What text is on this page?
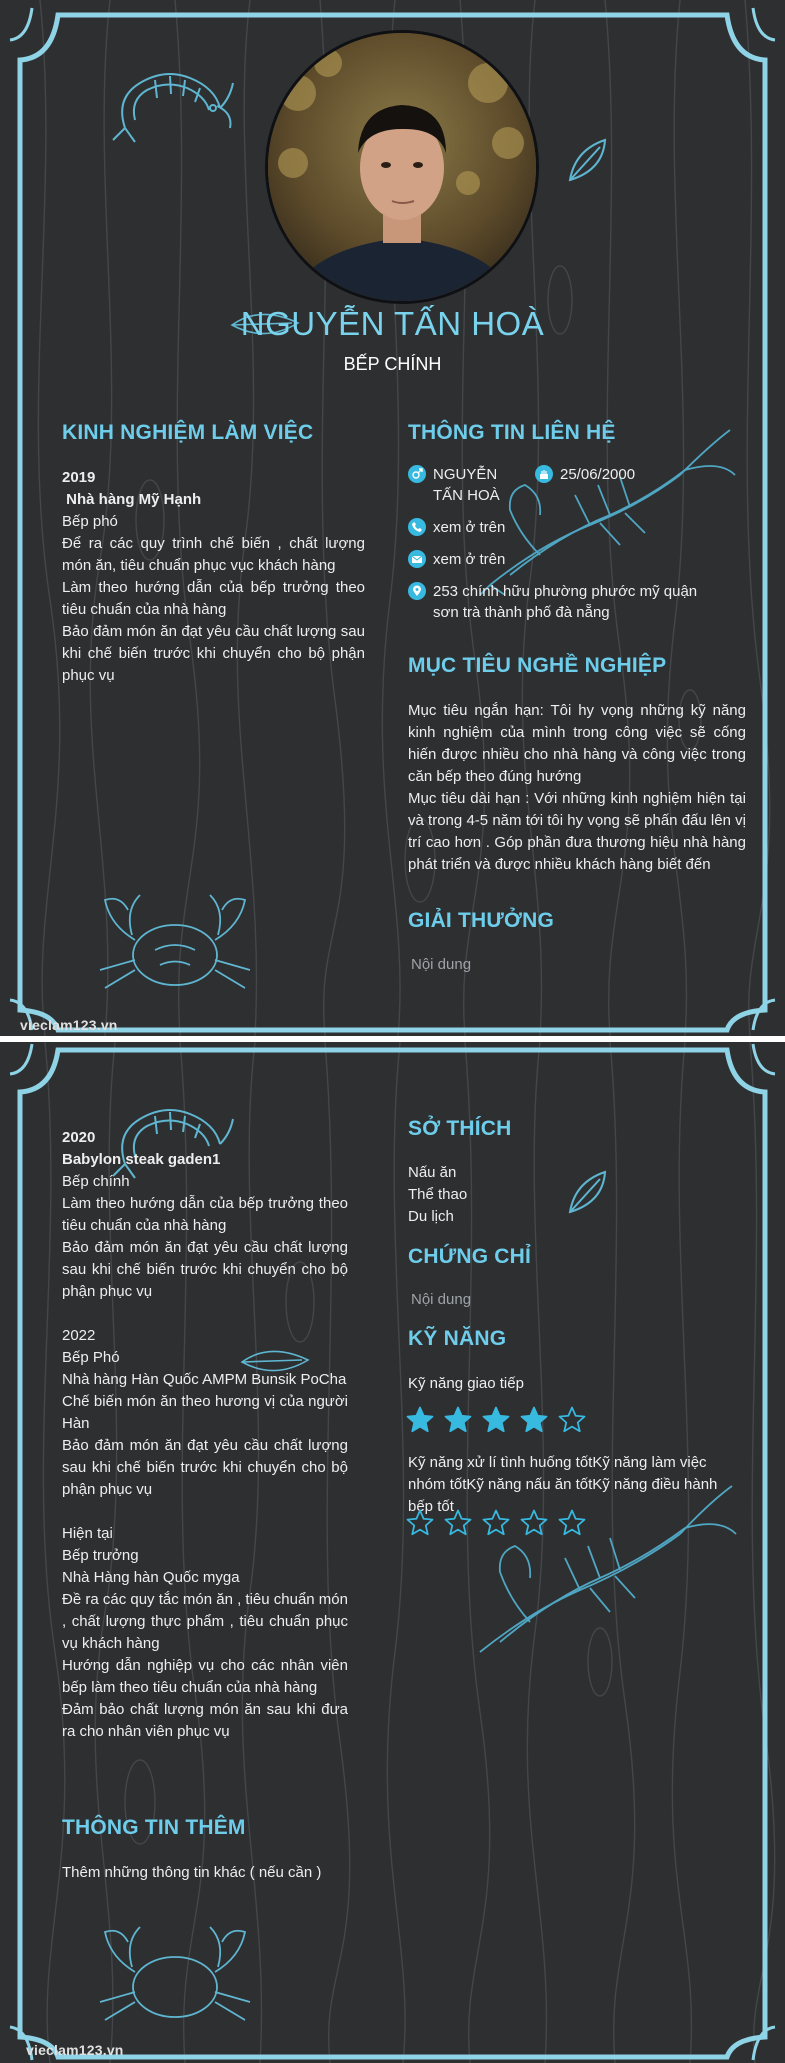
NGUYỄN TẤN HOÀ
BẾP CHÍNH
KINH NGHIỆM LÀM VIỆC

2019

Nhà hàng Mỹ Hạnh

Bếp phó

Để ra các quy trình chế biến , chất lượng món ăn, tiêu chuẩn phục vục khách hàng

Làm theo hướng dẫn của bếp trưởng theo tiêu chuẩn của nhà hàng

Bảo đảm món ăn đạt yêu cầu chất lượng sau khi chế biến trước khi chuyển cho bộ phận phục vụ

THÔNG TIN LIÊN HỆ
NGUYỄN TẤN HOÀ
25/06/2000
xem ở trên
xem ở trên
253 chính hữu phường phước mỹ quận sơn trà thành phố đà nẵng
MỤC TIÊU NGHỀ NGHIỆP

Mục tiêu ngắn hạn: Tôi hy vọng những kỹ năng kinh nghiệm của mình trong công việc sẽ cống hiến được nhiều cho nhà hàng và công việc trong căn bếp theo đúng hướng

Mục tiêu dài hạn : Với những kinh nghiệm hiện tại và trong 4-5 năm tới tôi hy vọng sẽ phấn đấu lên vị trí cao hơn . Góp phần đưa thương hiệu nhà hàng phát triển và được nhiều khách hàng biết đến

GIẢI THƯỞNG
Nội dung
vieclam123.vn

2020

Babylon steak gaden1

Bếp chính

Làm theo hướng dẫn của bếp trưởng theo tiêu chuẩn của nhà hàng

Bảo đảm món ăn đạt yêu cầu chất lượng sau khi chế biến trước khi chuyển cho bộ phận phục vụ

2022

Bếp Phó

Nhà hàng Hàn Quốc AMPM Bunsik PoCha

Chế biến món ăn theo hương vị của người Hàn

Bảo đảm món ăn đạt yêu cầu chất lượng sau khi chế biến trước khi chuyển cho bộ phận phục vụ

Hiện tại

Bếp trưởng

Nhà Hàng hàn Quốc myga

Đề ra các quy tắc món ăn , tiêu chuẩn món , chất lượng thực phẩm , tiêu chuẩn phục vụ khách hàng

Hướng dẫn nghiệp vụ cho các nhân viên bếp làm theo tiêu chuẩn của nhà hàng

Đảm bảo chất lượng món ăn sau khi đưa ra cho nhân viên phục vụ

THÔNG TIN THÊM
Thêm những thông tin khác ( nếu cần )
SỞ THÍCH

Nấu ăn

Thể thao

Du lịch

CHỨNG CHỈ
Nội dung
KỸ NĂNG
Kỹ năng giao tiếp
Kỹ năng xử lí tình huống tốtKỹ năng làm việc nhóm tốtKỹ năng nấu ăn tốtKỹ năng điều hành bếp tốt
vieclam123.vn
